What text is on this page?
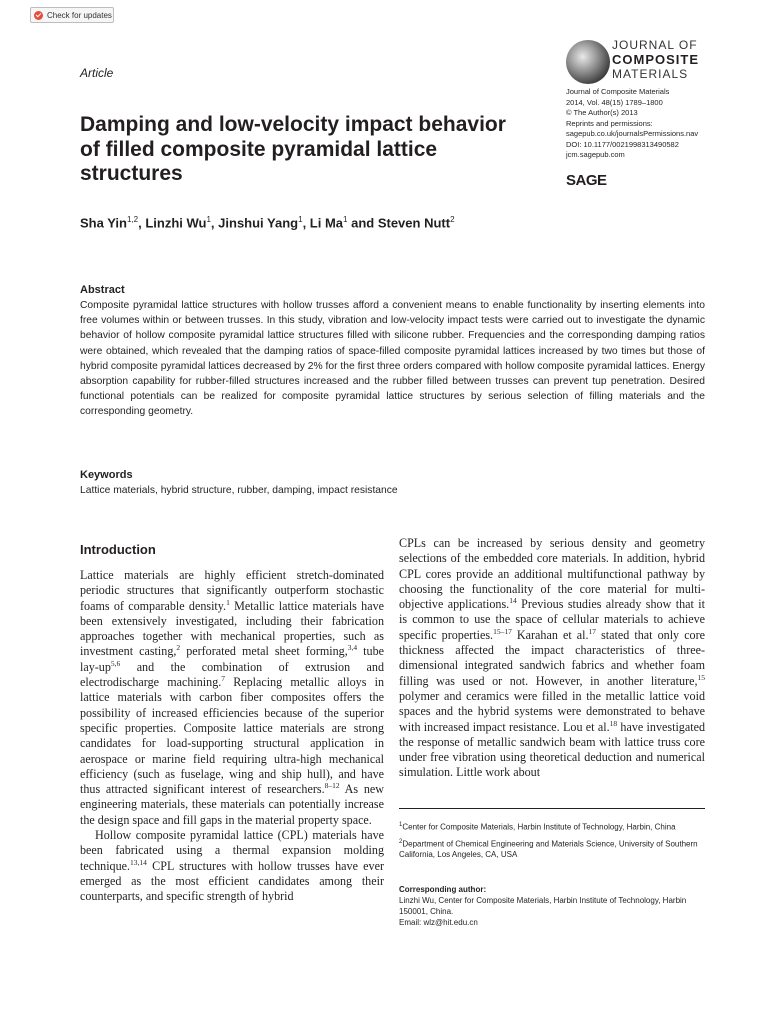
Check for updates
Article
JOURNAL OF
COMPOSITE
MATERIALS
Journal of Composite Materials
2014, Vol. 48(15) 1789–1800
© The Author(s) 2013
Reprints and permissions:
sagepub.co.uk/journalsPermissions.nav
DOI: 10.1177/0021998313490582
jcm.sagepub.com
SAGE
Damping and low-velocity impact behavior of filled composite pyramidal lattice structures
Sha Yin$^{1,2}$, Linzhi Wu$^1$, Jinshui Yang$^1$, Li Ma$^1$ and Steven Nutt$^2$
Abstract
Composite pyramidal lattice structures with hollow trusses afford a convenient means to enable functionality by inserting elements into free volumes within or between trusses. In this study, vibration and low-velocity impact tests were carried out to investigate the dynamic behavior of hollow composite pyramidal lattice structures filled with silicone rubber. Frequencies and the corresponding damping ratios were obtained, which revealed that the damping ratios of space-filled composite pyramidal lattices increased by two times but those of hybrid composite pyramidal lattices decreased by 2% for the first three orders compared with hollow composite pyramidal lattices. Energy absorption capability for rubber-filled structures increased and the rubber filled between trusses can prevent tup penetration. Desired functional potentials can be realized for composite pyramidal lattice structures by serious selection of filling materials and the corresponding geometry.
Keywords
Lattice materials, hybrid structure, rubber, damping, impact resistance
Introduction

Lattice materials are highly efficient stretch-dominated periodic structures that significantly outperform stochastic foams of comparable density.$^1$ Metallic lattice materials have been extensively investigated, including their fabrication approaches together with mechanical properties, such as investment casting,$^2$ perforated metal sheet forming,$^{3,4}$ tube lay-up$^{5,6}$ and the combination of extrusion and electrodischarge machining.$^7$ Replacing metallic alloys in lattice materials with carbon fiber composites offers the possibility of increased efficiencies because of the superior specific properties. Composite lattice materials are strong candidates for load-supporting structural application in aerospace or marine field requiring ultra-high mechanical efficiency (such as fuselage, wing and ship hull), and have thus attracted significant interest of researchers.$^{8-12}$ As new engineering materials, these materials can potentially increase the design space and fill gaps in the material property space.

Hollow composite pyramidal lattice (CPL) materials have been fabricated using a thermal expansion molding technique.$^{13,14}$ CPL structures with hollow trusses have ever emerged as the most efficient candidates among their counterparts, and specific strength of hybrid

CPLs can be increased by serious density and geometry selections of the embedded core materials. In addition, hybrid CPL cores provide an additional multifunctional pathway by choosing the functionality of the core material for multi-objective applications.$^{14}$ Previous studies already show that it is common to use the space of cellular materials to achieve specific properties.$^{15-17}$ Karahan et al.$^{17}$ stated that only core thickness affected the impact characteristics of three-dimensional integrated sandwich fabrics and whether foam filling was used or not. However, in another literature,$^{15}$ polymer and ceramics were filled in the metallic lattice void spaces and the hybrid systems were demonstrated to behave with increased impact resistance. Lou et al.$^{18}$ have investigated the response of metallic sandwich beam with lattice truss core under free vibration using theoretical deduction and numerical simulation. Little work about

$^1$Center for Composite Materials, Harbin Institute of Technology, Harbin, China

$^2$Department of Chemical Engineering and Materials Science, University of Southern California, Los Angeles, CA, USA

Corresponding author:
Linzhi Wu, Center for Composite Materials, Harbin Institute of Technology, Harbin 150001, China.
Email: wlz@hit.edu.cn
